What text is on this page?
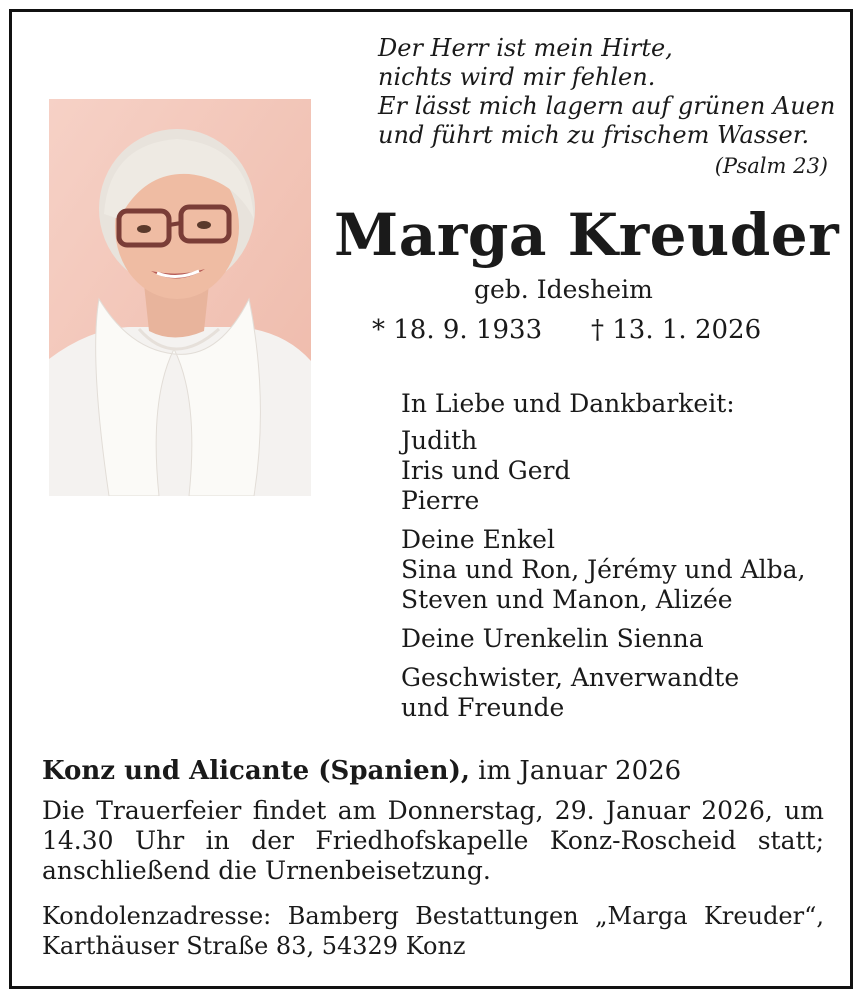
Der Herr ist mein Hirte,
nichts wird mir fehlen.
Er lässt mich lagern auf grünen Auen
und führt mich zu frischem Wasser.
(Psalm 23)
Marga Kreuder
geb. Idesheim
* 18. 9. 1933 † 13. 1. 2026
In Liebe und Dankbarkeit:
Judith
Iris und Gerd
Pierre
Deine Enkel
Sina und Ron, Jérémy und Alba,
Steven und Manon, Alizée
Deine Urenkelin Sienna
Geschwister, Anverwandte
und Freunde
Konz und Alicante (Spanien), im Januar 2026
Die Trauerfeier findet am Donnerstag, 29. Januar 2026, um 14.30 Uhr in der Friedhofskapelle Konz-Roscheid statt; anschließend die Urnenbeisetzung.
Kondolenzadresse: Bamberg Bestattungen „Marga Kreuder“, Karthäuser Straße 83, 54329 Konz
